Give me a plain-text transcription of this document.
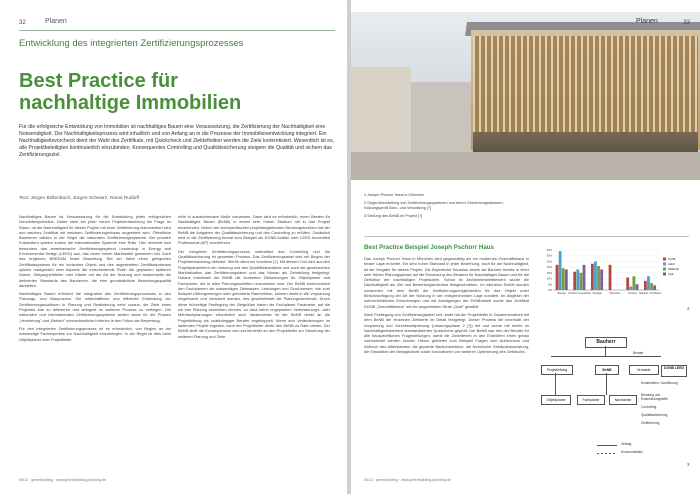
32	Planen
Entwicklung des integrierten Zertifizierungsprozesses
Best Practice für
nachhaltige Immobilien
Für die erfolgreiche Entwicklung von Immobilien ist nachhaltiges Bauen eine Voraussetzung, die Zertifizierung der Nachhaltigkeit eine Notwendigkeit. Der Nachhaltigkeitsprozess wird inhaltlich und von Anfang an in die Prozesse der Immobilienentwicklung integriert. Ein Nachhaltigkeitsvorcheck dient der Wahl des Zertifikats, mit Quickcheck und Zieldefinition werden die Ziele konkretisiert. Wesentlich ist es, alle Projektbeteiligten kontinuierlich einzubinden. Konsequentes Controlling und Qualitätssicherung steigern die Qualität und sichern das Zertifizierungsziel.
Text: Jürgen Böllenbach, Jürgen Schwarz, Raoul Rudloff

Nachhaltiges Bauen ist Voraussetzung für die Entwicklung jedes erfolgreichen Immobilienportfolios. Daher steht bei jeder neuen Projektentwicklung die Frage im Raum, ob die Nachhaltigkeit für dieses Projekt mit einer Zertifizierung dokumentiert wird und welches Zertifikat mit welchem Zertifizierungsniveau angestrebt wird. Öffentliche Bauherren wählen in der Regel die nationalen Zertifizierungssysteme. Bei privaten Entwicklern spielen zudem die internationalen Systeme eine Rolle. Hier zeichnet sich besonders das amerikanische Zertifizierungssystem Leadership in Energy and Environmental Design (LEED) aus, das einen hohen Marktanteil gewonnen hat. Auch das englische BREEAM findet Beachtung. Bei der Wahl eines geeigneten Zertifikatssystems für ein konkretes Objekt und des angestrebten Zertifikatsniveaus spielen maßgeblich zwei Aspekte die entscheidende Rolle: die geplanten späteren Nutzer, Zielgruppe/Mieter oder Käufer mit der Art der Nutzung und andererseits die definierten Standards des Bauherren, die eine grundsätzliche Bewertungsqualität darstellen.

Nachhaltiges Bauen erfordert die Integration des Zertifizierungsprozesses in den Planungs- und Bauprozess. Die wirtschaftliche und effiziente Einbindung der Zertifizierungsauditoren in Planung und Realisierung setzt voraus, die Ziele eines Projektes klar zu definieren und stringent im weiteren Prozess zu verfolgen. Die nationalen und internationalen Zertifizierungssysteme stellen dabei für die Phasen „Vermietung" und „Betrieb" unterschiedliche Kriterien in den Fokus der Bewertung.

Für den integrierten Zertifizierungsprozess ist es erforderlich, von Beginn an die notwendige Fachexpertise zur Nachhaltigkeit einzubringen. In der Regel ist dies beim Objektplaner oder Projektleiter

nicht in ausreichendem Maße vorhanden. Dann wird es erforderlich, einen Berater für Nachhaltiges Bauen (BeNB) in einem sehr frühen Stadium mit in das Projekt einzubinden. Neben der fachspezifischen projektbegleitenden Beratungsfunktion hat der BeNB die Aufgaben der Qualitätssicherung und des Controlling zu erfüllen. Zusätzlich wird er die Zertifizierung formal zum Beispiel als DGNB-Auditor oder LEED Accredited Professional (AP) durchführen.

Der integrierte Zertifizierungsprozess unterstützt das Controlling und die Qualitätssicherung im gesamten Prozess. Das Zertifizierungslabel wird mit Beginn der Projektentwicklung definiert. Hierfür dient ein Vorcheck [1]. Mit diesem Tool wird aus den Projektparametern der Nutzung und des Qualitätsstandards und auch der gewünschten Marktsituation das Zertifizierungslabel und das Niveau als Zielstellung festgelegt. Daraus entwickelt der BeNB die konkreten Zielsetzungen für Objektplaner und Fachplaner, die in allen Planungsschritten umzusetzen sind. Der BeNB kommuniziert den Fachplanern die notwendigen Zielmarken. Leistungen und Grad-messer, wie zum Beispiel Lüftungsmengen oder geforderte Raumhöhen, können direkt in die Vorplanung eingebracht und verankert werden, des gewährleistet die Planungssicherheit. Durch diese frühzeitige Festlegung der Zielgrößen haben die Fachplaner Parameter, auf die sie ihre Planung ausrichten können, so dass keine ungeplanten Verbesserungs- oder Mehrfachplanungen erforderlich sind. Idealerweise ist der BeNB direkt an die Projektleitung als unabhängiger Berater angekoppelt. Wenn sich Veränderungen im laufenden Projekt ergeben, kann der Projektleiter direkt den BeNB zu Rate ziehen. Der BeNB stellt die Konsequenzen dar und berichtet an den Projektleiter zur Steuerung der weiteren Planung und Ziele.

06/13 · greenbuilding · www.greenbuilding-planning.de
Planen	33
1 Joseph Pschorr Haus in München
2 Gegenüberstellung von Zertifizierungssystemen und deren Gewichtungsfaktoren; Nutzungsprofil Büro- und Verwaltung [?]
3 Stellung des BeNB im Projekt [?]
Best Practice Beispiel Joseph Pschorr Haus

Das Joseph Pschorr Haus in München wird gegenwärtig als ein modernes Geschäftshaus in bester Lage errichtet. Ein sehr hoher Standard in jeder Beziehung, auch für die Nachhaltigkeit, ist die Vorgabe für dieses Projekt. Die Bayerische Hausbau setzte als Bauherr bereits in einer sehr frühen Planungsphase auf die Einsetzung des Beraters für Nachhaltiges Bauen und für die Definition der nachhaltigen Projektziele. Schon im Architektenwettbewerb wurde die Nachhaltigkeit als Ziel und Bewertungskriterium festgeschrieben. Im nächsten Schritt wurden zusammen mit dem BeNB die Zertifizierungsmöglichkeiten für das Objekt unter Berücksichtigung der Art der Nutzung in der entsprechenden Lage sondiert. Im Abgleich der unterschiedlichen Einordnungen und mit Abwägungen der Erfüllbarkeit wurde das Zertifikat DGNB „Geschäftshaus" mit der angestrebten Stufe „Gold" gewählt.

Nach Festlegung von Zertifizierungslabel und -stufe hat der Projektleiter in Zusammenarbeit mit dem BeNB die einzelnen Zielwerte im Detail festgelegt. Dieser Prozess lief innerhalb der Vorplanung und Vorentwurfsplanung (Leistungsphase 2 [?]) mit und wurde mit einem im Nachhaltigkeitsbereich standardisierten Quickcheck geprüft. Der BeNB war hier der Berater für alle bauspezifischen Fragestellungen, damit die Zielkriterien in den Entwürfen einen genau vorbestimmt werden konnte. Hierzu gehörten zum Beispiel Fragen zum Außenraum und Abbruch des Altbestandes, die geplante Baukonstruktion, die technische Gebäudeausrüstung, die Simulation der Behaglichkeit sowie Innovationen zur weiteren Optimierung des Gebäudes.

35%
30%
25%
20%
15%
10%
5%
0%
Energie Komfort / Gesundheit Ökologie	Ökonomie	Prozess Standort / Architektur
DGNB
LEED
BREEAM
HQE
2
Bauherr
Berater
Projektleitung	BeNB	Vermarkt.	DGNB LEED
Objektplaner	Fachplaner	Nachweise
Konstruktion / Ausführung
Beratung und Entscheidungshilfe
Controlling
Qualitätssicherung
Zertifizierung
Vertrag
Kommunikation
3
06/13 · greenbuilding · www.greenbuilding-planning.de
